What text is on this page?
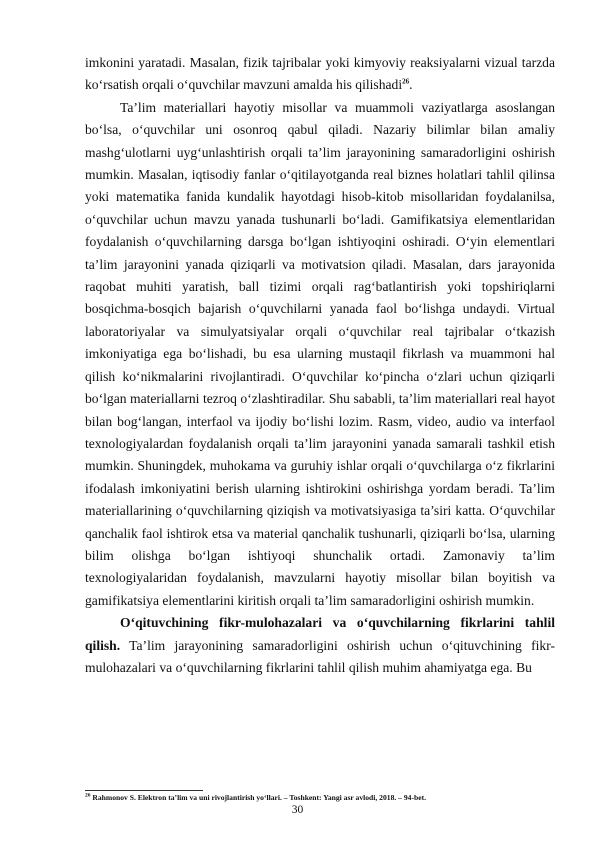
imkonini yaratadi. Masalan, fizik tajribalar yoki kimyoviy reaksiyalarni vizual tarzda ko‘rsatish orqali o‘quvchilar mavzuni amalda his qilishadi$^{26}$.

Ta’lim materiallari hayotiy misollar va muammoli vaziyatlarga asoslangan bo‘lsa, o‘quvchilar uni osonroq qabul qiladi. Nazariy bilimlar bilan amaliy mashg‘ulotlarni uyg‘unlashtirish orqali ta’lim jarayonining samaradorligini oshirish mumkin. Masalan, iqtisodiy fanlar o‘qitilayotganda real biznes holatlari tahlil qilinsa yoki matematika fanida kundalik hayotdagi hisob-kitob misollaridan foydalanilsa, o‘quvchilar uchun mavzu yanada tushunarli bo‘ladi. Gamifikatsiya elementlaridan foydalanish o‘quvchilarning darsga bo‘lgan ishtiyoqini oshiradi. O‘yin elementlari ta’lim jarayonini yanada qiziqarli va motivatsion qiladi. Masalan, dars jarayonida raqobat muhiti yaratish, ball tizimi orqali rag‘batlantirish yoki topshiriqlarni bosqichma-bosqich bajarish o‘quvchilarni yanada faol bo‘lishga undaydi. Virtual laboratoriyalar va simulyatsiyalar orqali o‘quvchilar real tajribalar o‘tkazish imkoniyatiga ega bo‘lishadi, bu esa ularning mustaqil fikrlash va muammoni hal qilish ko‘nikmalarini rivojlantiradi. O‘quvchilar ko‘pincha o‘zlari uchun qiziqarli bo‘lgan materiallarni tezroq o‘zlashtiradilar. Shu sababli, ta’lim materiallari real hayot bilan bog‘langan, interfaol va ijodiy bo‘lishi lozim. Rasm, video, audio va interfaol texnologiyalardan foydalanish orqali ta’lim jarayonini yanada samarali tashkil etish mumkin. Shuningdek, muhokama va guruhiy ishlar orqali o‘quvchilarga o‘z fikrlarini ifodalash imkoniyatini berish ularning ishtirokini oshirishga yordam beradi. Ta’lim materiallarining o‘quvchilarning qiziqish va motivatsiyasiga ta’siri katta. O‘quvchilar qanchalik faol ishtirok etsa va material qanchalik tushunarli, qiziqarli bo‘lsa, ularning bilim olishga bo‘lgan ishtiyoqi shunchalik ortadi. Zamonaviy ta’lim texnologiyalaridan foydalanish, mavzularni hayotiy misollar bilan boyitish va gamifikatsiya elementlarini kiritish orqali ta’lim samaradorligini oshirish mumkin.

O‘qituvchining fikr-mulohazalari va o‘quvchilarning fikrlarini tahlil qilish. Ta’lim jarayonining samaradorligini oshirish uchun o‘qituvchining fikr-mulohazalari va o‘quvchilarning fikrlarini tahlil qilish muhim ahamiyatga ega. Bu

$^{26}$ Rahmonov S. Elektron ta’lim va uni rivojlantirish yo‘llari. – Toshkent: Yangi asr avlodi, 2018. – 94-bet.
30
